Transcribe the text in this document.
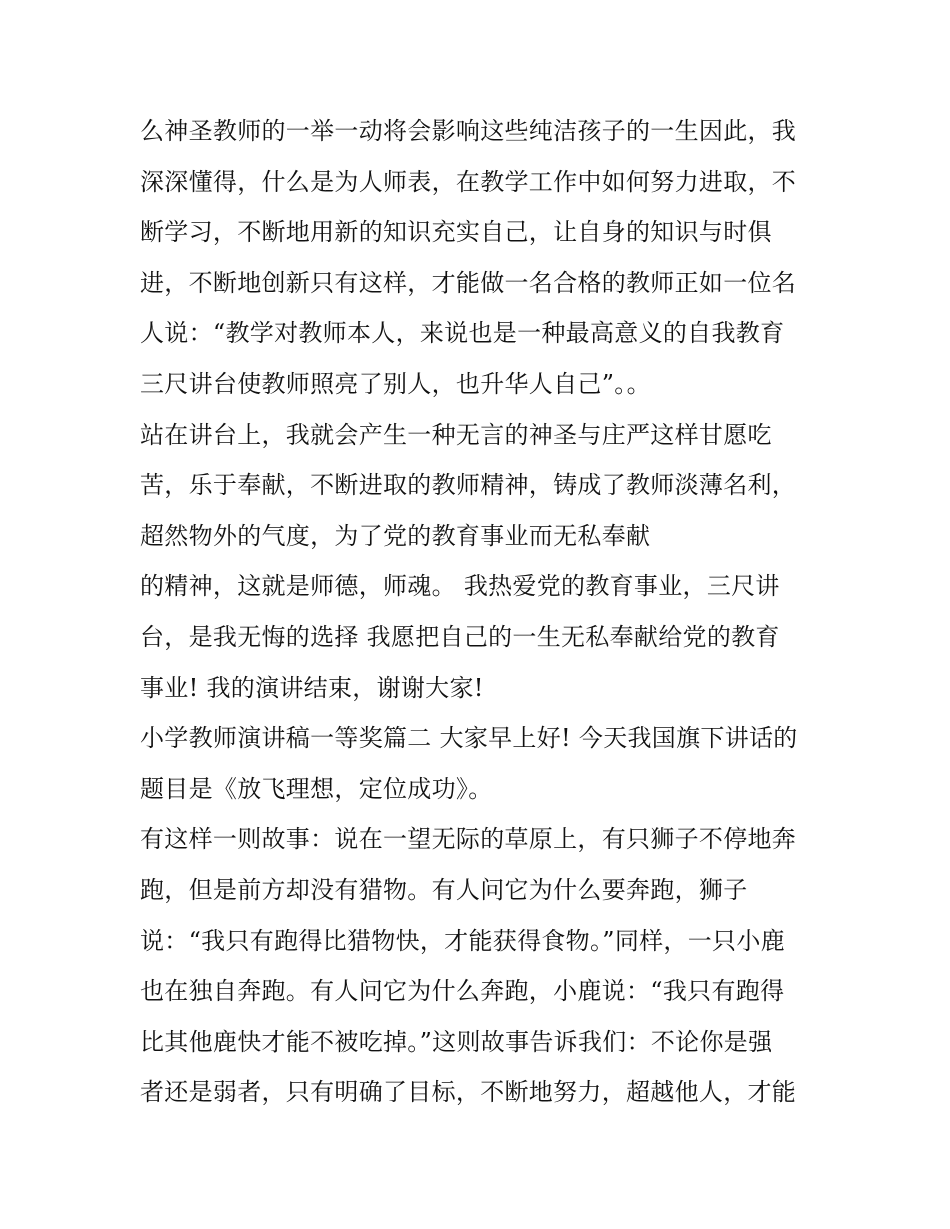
么神圣教师的一举一动将会影响这些纯洁孩子的一生因此，我
深深懂得，什么是为人师表，在教学工作中如何努力进取，不
断学习，不断地用新的知识充实自己，让自身的知识与时俱
进，不断地创新只有这样，才能做一名合格的教师正如一位名
人说：“教学对教师本人，来说也是一种最高意义的自我教育
三尺讲台使教师照亮了别人，也升华人自己”。。
站在讲台上，我就会产生一种无言的神圣与庄严这样甘愿吃
苦，乐于奉献，不断进取的教师精神，铸成了教师淡薄名利，
超然物外的气度，为了党的教育事业而无私奉献
的精神，这就是师德，师魂。 我热爱党的教育事业，三尺讲
台，是我无悔的选择 我愿把自己的一生无私奉献给党的教育
事业! 我的演讲结束，谢谢大家!
小学教师演讲稿一等奖篇二 大家早上好! 今天我国旗下讲话的
题目是《放飞理想，定位成功》。
有这样一则故事：说在一望无际的草原上，有只狮子不停地奔
跑，但是前方却没有猎物。有人问它为什么要奔跑，狮子
说：“我只有跑得比猎物快，才能获得食物。”同样，一只小鹿
也在独自奔跑。有人问它为什么奔跑，小鹿说：“我只有跑得
比其他鹿快才能不被吃掉。”这则故事告诉我们：不论你是强
者还是弱者，只有明确了目标，不断地努力，超越他人，才能
